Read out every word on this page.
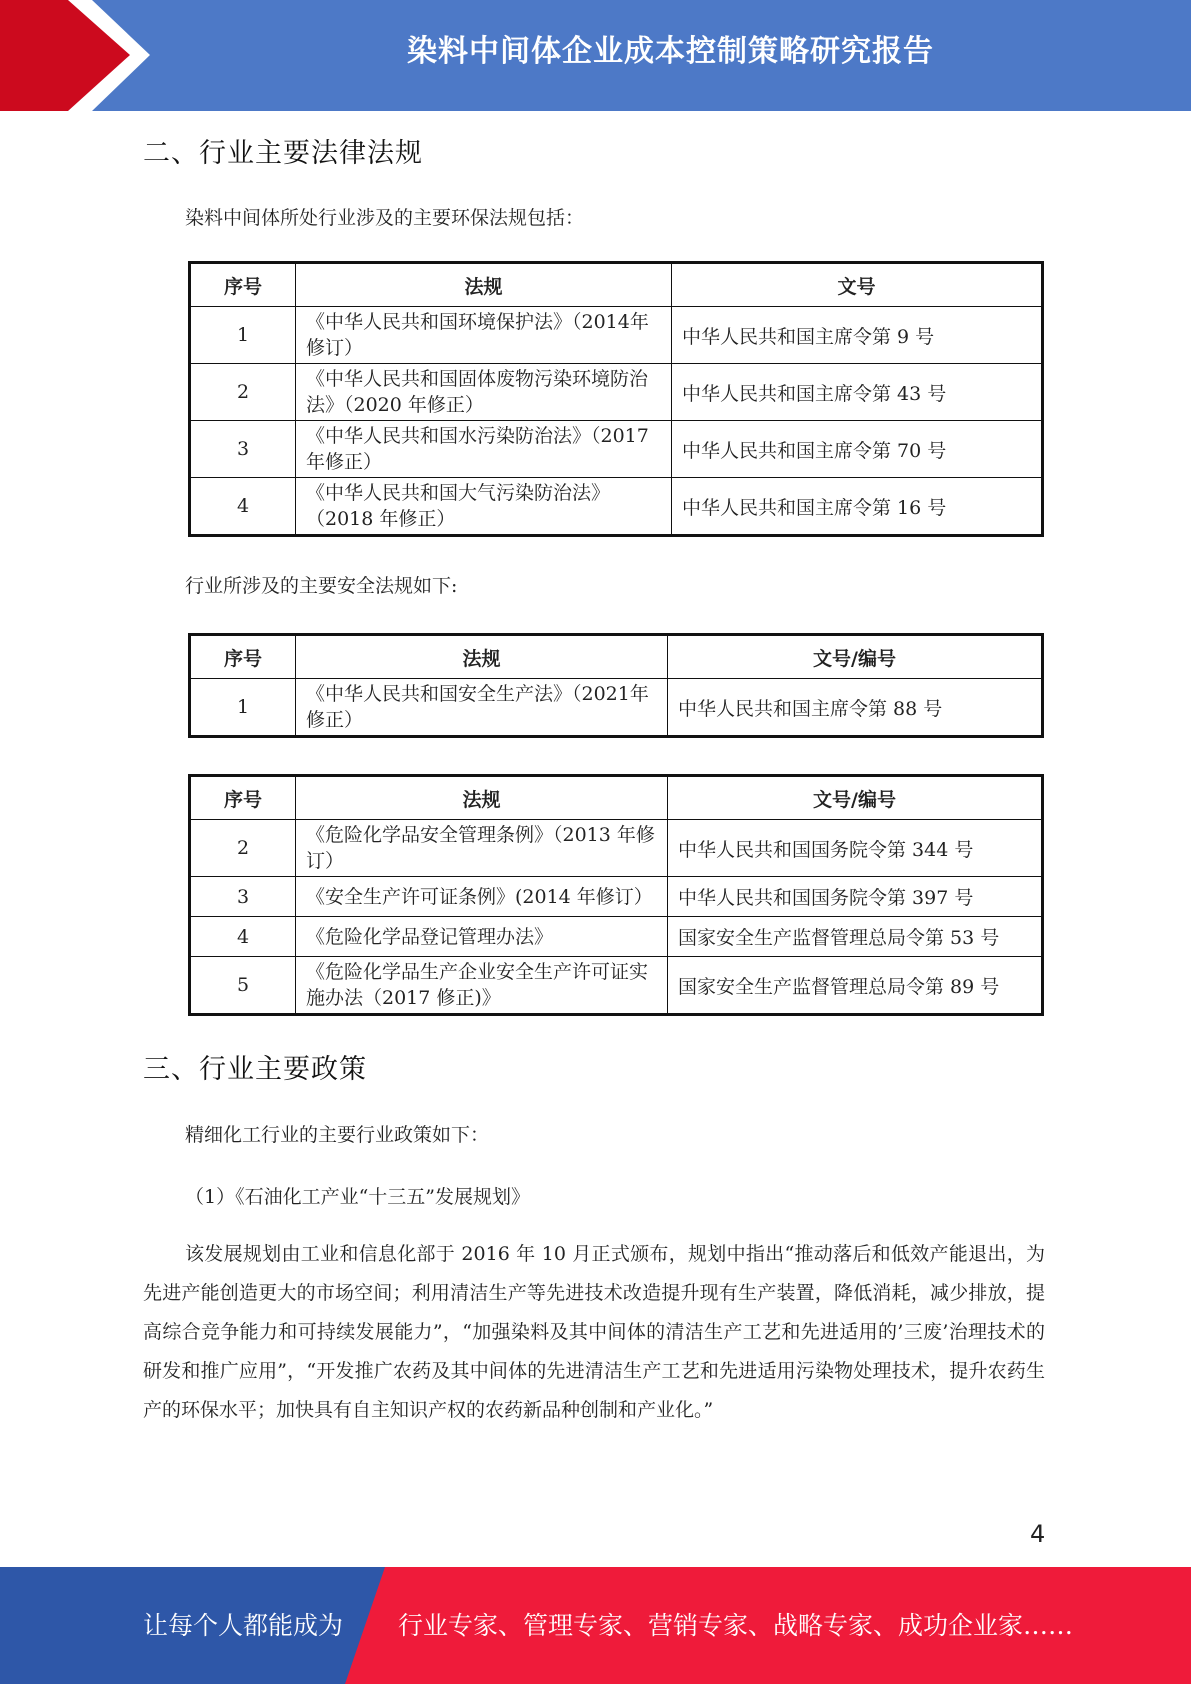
染料中间体企业成本控制策略研究报告
二、行业主要法律法规
染料中间体所处行业涉及的主要环保法规包括：
序号	法规	文号
1	《中华人民共和国环境保护法》（2014年修订）	中华人民共和国主席令第 9 号
2	《中华人民共和国固体废物污染环境防治法》（2020 年修正）	中华人民共和国主席令第 43 号
3	《中华人民共和国水污染防治法》（2017 年修正）	中华人民共和国主席令第 70 号
4	《中华人民共和国大气污染防治法》（2018 年修正）	中华人民共和国主席令第 16 号
行业所涉及的主要安全法规如下:
序号	法规	文号/编号
1	《中华人民共和国安全生产法》（2021年修正）	中华人民共和国主席令第 88 号
序号	法规	文号/编号
2	《危险化学品安全管理条例》（2013 年修订）	中华人民共和国国务院令第 344 号
3	《安全生产许可证条例》(2014 年修订）	中华人民共和国国务院令第 397 号
4	《危险化学品登记管理办法》	国家安全生产监督管理总局令第 53 号
5	《危险化学品生产企业安全生产许可证实施办法（2017 修正)》	国家安全生产监督管理总局令第 89 号
三、行业主要政策
精细化工行业的主要行业政策如下：
（1）《石油化工产业“十三五”发展规划》
该发展规划由工业和信息化部于 2016 年 10 月正式颁布，规划中指出“推动落后和低效产能退出，为先进产能创造更大的市场空间；利用清洁生产等先进技术改造提升现有生产装置，降低消耗，减少排放，提高综合竞争能力和可持续发展能力”，“加强染料及其中间体的清洁生产工艺和先进适用的’三废’治理技术的研发和推广应用”，“开发推广农药及其中间体的先进清洁生产工艺和先进适用污染物处理技术，提升农药生产的环保水平；加快具有自主知识产权的农药新品种创制和产业化。”
4
让每个人都能成为 行业专家、管理专家、营销专家、战略专家、成功企业家……
